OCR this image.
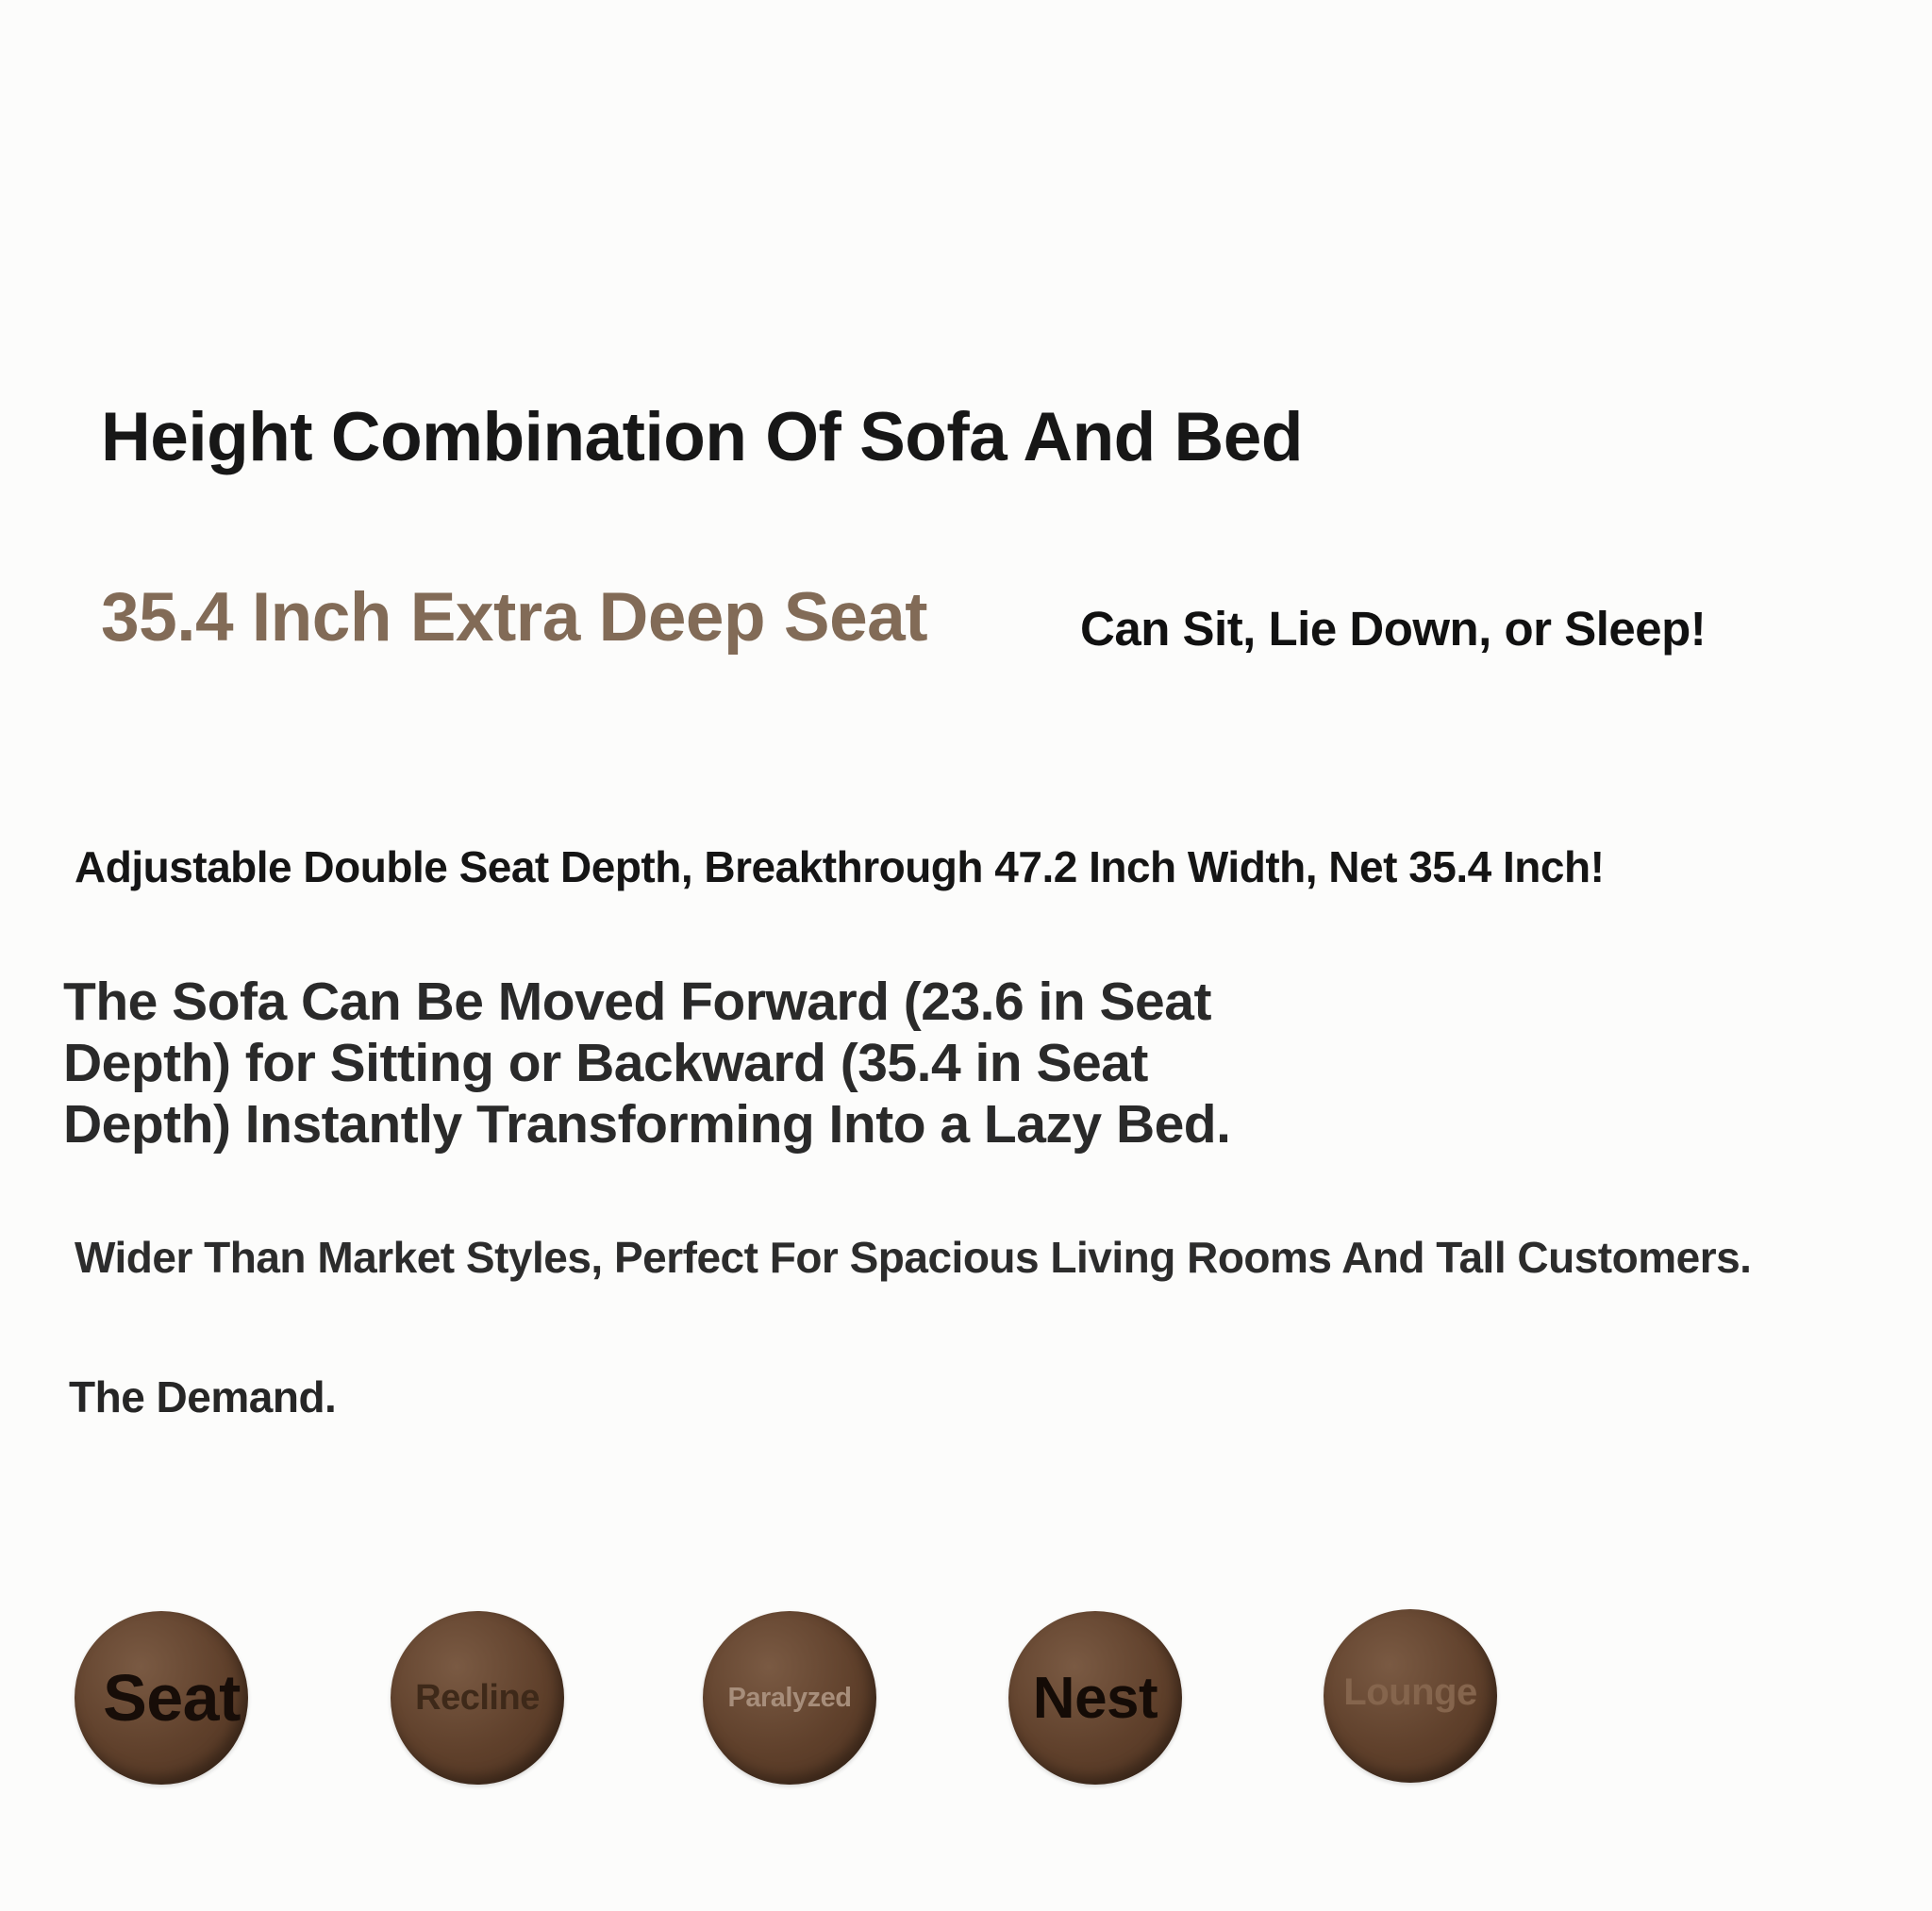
Height Combination Of Sofa And Bed
35.4 Inch Extra Deep Seat	Can Sit, Lie Down, or Sleep!

Adjustable Double Seat Depth, Breakthrough 47.2 Inch Width, Net 35.4 Inch!

The Sofa Can Be Moved Forward (23.6 in Seat Depth) for Sitting or Backward (35.4 in Seat Depth) Instantly Transforming Into a Lazy Bed.

Wider Than Market Styles, Perfect For Spacious Living Rooms And Tall Customers.

The Demand.

Seat	Recline	Paralyzed	Nest	Lounge
